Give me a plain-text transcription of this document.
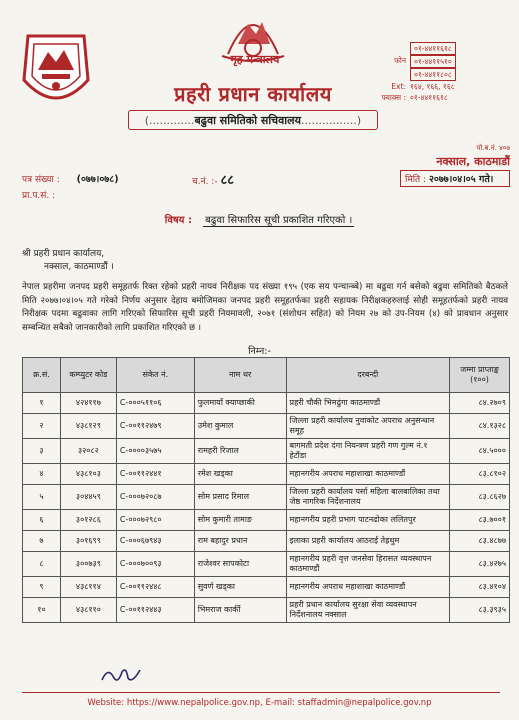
गृह मन्त्रालय
प्रहरी प्रधान कार्यालय
(.............बढुवा समितिको सचिवालय................)
०१-४४११६१८
फोन	०१-४४११५१०
०१-४४११८०८
Ext: १६४, १६६, १६८
फ्याक्स : ०१-४४११६१८
पो.ब.नं. ४०७
नक्साल, काठमाडौं
पत्र संख्या : (०७७।०७८)	च.नं. :- ८८
प्रा.प.सं. :
मिति : २०७७।०४।०५ गते।
विषय : बढुवा सिफारिस सूची प्रकाशित गरिएको ।
श्री प्रहरी प्रधान कार्यालय,
नक्साल, काठमाण्डौं ।
नेपाल प्रहरीमा जनपद प्रहरी समूहतर्फ रिक्त रहेको प्रहरी नायव निरीक्षक पद संख्या १९५ (एक सय पन्चान्ब्बे) मा बढुवा गर्न बसेको बढुवा समितिको बैठकले मिति २०७७।०४।०५ गते गरेको निर्णय अनुसार देहाय बमोजिमका जनपद प्रहरी समूहतर्फका प्रहरी सहायक निरीक्षकहरुलाई सोही समूहतर्फको प्रहरी नायव निरीक्षक पदमा बढुवाका लागि गरिएको सिफारिस सूची प्रहरी नियमावली, २०७१ (संशोधन सहित) को नियम २७ को उप-नियम (४) को प्रावधान अनुसार सम्बन्धित सबैको जानकारीको लागि प्रकाशित गरिएको छ ।
निम्न:-
क्र.सं.	कम्प्युटर कोड	संकेत नं.	नाम थर	दरबन्दी	जम्मा प्राप्ताङ्क (१००)
१	४२४११७	C-०००५११०६	फुलमायाँ क्याप्छाकी	प्रहरी चौकी भिमढुंगा काठमाण्डौं	८४.२७०९
२	४३८१२९	C-००११२४७९	उमेश कुमाल	जिल्ला प्रहरी कार्यालय नुवाकोट अपराध अनुसन्धान समूह	८४.१३२८
३	३२०८२	C-००००३५७५	रामहरी रिजाल	बागमती प्रदेश दंगा नियन्त्रण प्रहरी गण गुल्म नं.१ हेटौंडा	८४.५०००
४	४३८१०३	C-००११२४४१	रमेश खड्का	महानगरीय अपराध महाशाखा काठमाण्डौं	८३.८१०२
५	३०४४५९	C-०००७२०८७	सोम प्रसाद रिमाल	जिल्ला प्रहरी कार्यालय पर्सा महिला बालबालिका तथा जेष्ठ नागरिक निर्देशनालय	८३.८६२७
६	३०१२८६	C-०००७२९८०	सोम कुमारी तामाङ	महानगरीय प्रहरी प्रभाग पाटनढोका ललितपुर	८३.७००१
७	३०१६९९	C-०००६७९४३	राम बहादुर प्रधान	इलाका प्रहरी कार्यालय आठराई तेह्रथुम	८३.४८७७
८	३००७३९	C-०००७००९३	राजेश्वर सापकोटा	महानगरीय प्रहरी वृत्त जनसेवा हिरासत व्यवस्थापन काठमाण्डौं	८३.४२७५
९	४३८११४	C-००११२४४८	सुवर्ण खड्का	महानगरीय अपराध महाशाखा काठमाण्डौं	८३.४१०४
१०	४३८११०	C-००११२४४३	भिमराज कार्की	प्रहरी प्रधान कार्यालय सुरक्षा सेवा व्यवस्थापन निर्देशनालय नक्साल	८३.३९३५
Website: https://www.nepalpolice.gov.np, E-mail: staffadmin@nepalpolice.gov.np
